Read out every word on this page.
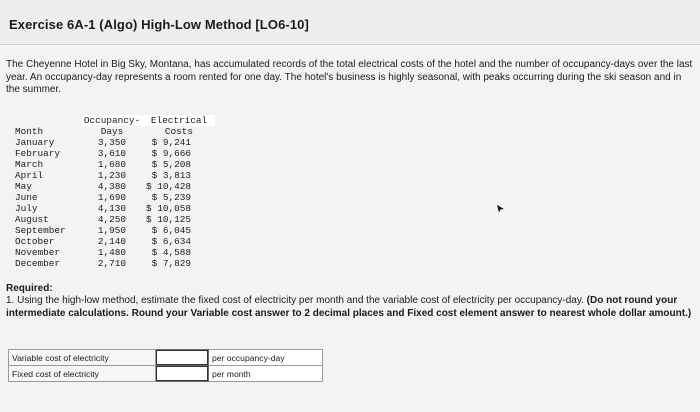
Exercise 6A-1 (Algo) High-Low Method [LO6-10]
The Cheyenne Hotel in Big Sky, Montana, has accumulated records of the total electrical costs of the hotel and the number of occupancy-days over the last year. An occupancy-day represents a room rented for one day. The hotel's business is highly seasonal, with peaks occurring during the ski season and in the summer.
	Occupancy-	Electrical
Month	Days	Costs
January	3,350	$ 9,241
February	3,610	$ 9,666
March	1,680	$ 5,208
April	1,230	$ 3,813
May	4,380	$ 10,428
June	1,690	$ 5,239
July	4,130	$ 10,058
August	4,250	$ 10,125
September	1,950	$ 6,045
October	2,140	$ 6,634
November	1,480	$ 4,588
December	2,710	$ 7,829
Required:
1. Using the high-low method, estimate the fixed cost of electricity per month and the variable cost of electricity per occupancy-day. (Do not round your intermediate calculations. Round your Variable cost answer to 2 decimal places and Fixed cost element answer to nearest whole dollar amount.)
Variable cost of electricity		per occupancy-day
Fixed cost of electricity		per month
